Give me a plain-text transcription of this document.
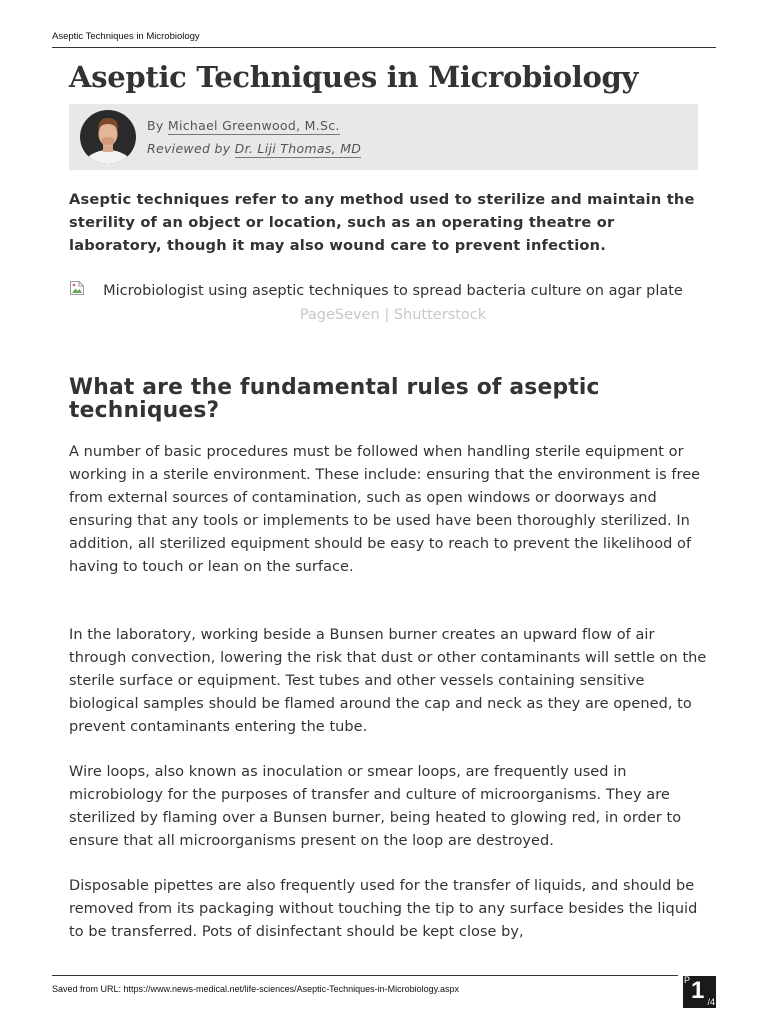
Aseptic Techniques in Microbiology
Aseptic Techniques in Microbiology
By Michael Greenwood, M.Sc.
Reviewed by Dr. Liji Thomas, MD

Aseptic techniques refer to any method used to sterilize and maintain the sterility of an object or location, such as an operating theatre or laboratory, though it may also wound care to prevent infection.

Microbiologist using aseptic techniques to spread bacteria culture on agar plate

PageSeven | Shutterstock

What are the fundamental rules of aseptic techniques?

A number of basic procedures must be followed when handling sterile equipment or working in a sterile environment. These include: ensuring that the environment is free from external sources of contamination, such as open windows or doorways and ensuring that any tools or implements to be used have been thoroughly sterilized. In addition, all sterilized equipment should be easy to reach to prevent the likelihood of having to touch or lean on the surface.

In the laboratory, working beside a Bunsen burner creates an upward flow of air through convection, lowering the risk that dust or other contaminants will settle on the sterile surface or equipment. Test tubes and other vessels containing sensitive biological samples should be flamed around the cap and neck as they are opened, to prevent contaminants entering the tube.

Wire loops, also known as inoculation or smear loops, are frequently used in microbiology for the purposes of transfer and culture of microorganisms. They are sterilized by flaming over a Bunsen burner, being heated to glowing red, in order to ensure that all microorganisms present on the loop are destroyed.

Disposable pipettes are also frequently used for the transfer of liquids, and should be removed from its packaging without touching the tip to any surface besides the liquid to be transferred. Pots of disinfectant should be kept close by,

Saved from URL: https://www.news-medical.net/life-sciences/Aseptic-Techniques-in-Microbiology.aspx
P 1 /4
